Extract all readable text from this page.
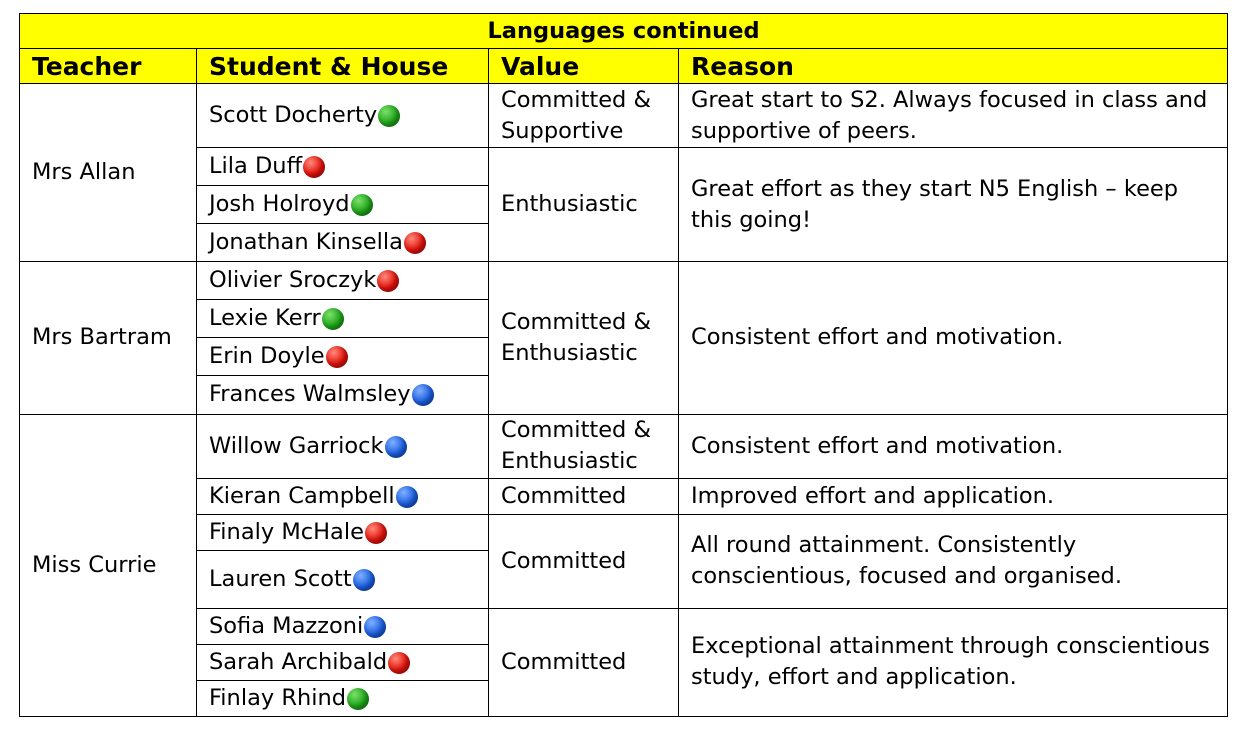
Languages continued			
Teacher	Student & House	Value	Reason
Mrs Allan	Scott Docherty	Committed & Supportive	Great start to S2. Always focused in class and supportive of peers.
	Lila Duff	Enthusiastic	Great effort as they start N5 English – keep this going!
	Josh Holroyd		
	Jonathan Kinsella		
Mrs Bartram	Olivier Sroczyk	Committed & Enthusiastic	Consistent effort and motivation.
	Lexie Kerr		
	Erin Doyle		
	Frances Walmsley		
Miss Currie	Willow Garriock	Committed & Enthusiastic	Consistent effort and motivation.
	Kieran Campbell	Committed	Improved effort and application.
	Finaly McHale	Committed	All round attainment. Consistently conscientious, focused and organised.
	Lauren Scott		
	Sofia Mazzoni	Committed	Exceptional attainment through conscientious study, effort and application.
	Sarah Archibald		
	Finlay Rhind		
